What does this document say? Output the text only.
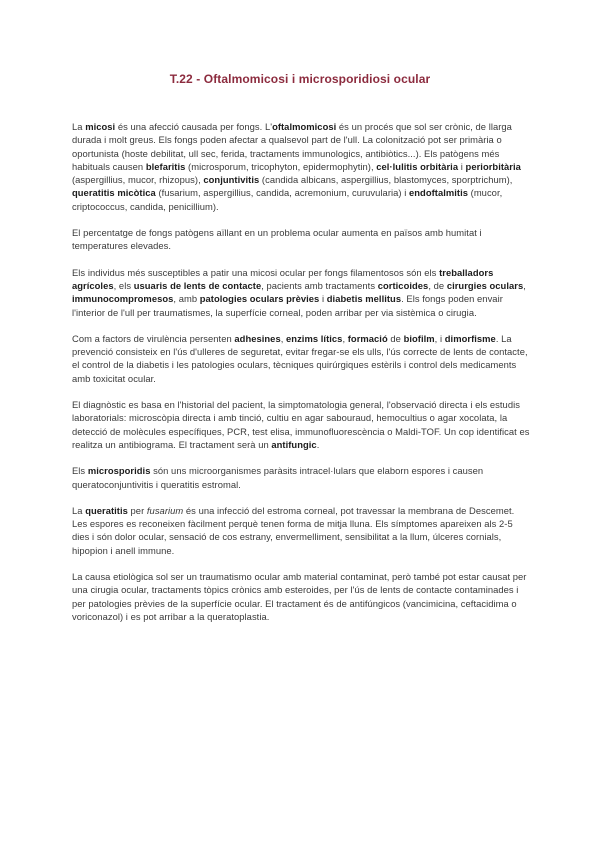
T.22 - Oftalmomicosi i microsporidiosi ocular

La micosi és una afecció causada per fongs. L'oftalmomicosi és un procés que sol ser crònic, de llarga durada i molt greus. Els fongs poden afectar a qualsevol part de l'ull. La colonització pot ser primària o oportunista (hoste debilitat, ull sec, ferida, tractaments immunologics, antibiòtics...). Els patògens més habituals causen blefaritis (microsporum, tricophyton, epidermophytin), cel·lulitis orbitària i periorbitària (aspergillius, mucor, rhizopus), conjuntivitis (candida albicans, aspergillius, blastomyces, sporptrichum), queratitis micòtica (fusarium, aspergillius, candida, acremonium, curuvularia) i endoftalmitis (mucor, criptococcus, candida, penicillium).

El percentatge de fongs patògens aïllant en un problema ocular aumenta en països amb humitat i temperatures elevades.

Els individus més susceptibles a patir una micosi ocular per fongs filamentosos són els treballadors agrícoles, els usuaris de lents de contacte, pacients amb tractaments corticoides, de cirurgies oculars, immunocompromesos, amb patologies oculars prèvies i diabetis mellitus. Els fongs poden envair l'interior de l'ull per traumatismes, la superfície corneal, poden arribar per via sistèmica o cirugia.

Com a factors de virulència persenten adhesines, enzims lítics, formació de biofilm, i dimorfisme. La prevenció consisteix en l'ús d'ulleres de seguretat, evitar fregar-se els ulls, l'ús correcte de lents de contacte, el control de la diabetis i les patologies oculars, tècniques quirúrgiques estèrils i control dels medicaments amb toxicitat ocular.

El diagnòstic es basa en l'historial del pacient, la simptomatologia general, l'observació directa i els estudis laboratorials: microscòpia directa i amb tinció, cultiu en agar sabouraud, hemocultius o agar xocolata, la detecció de molècules específiques, PCR, test elisa, immunofluorescència o Maldi-TOF. Un cop identificat es realitza un antibiograma. El tractament serà un antifungic.

Els microsporidis són uns microorganismes paràsits intracel·lulars que elaborn espores i causen queratoconjuntivitis i queratitis estromal.

La queratitis per fusarium és una infecció del estroma corneal, pot travessar la membrana de Descemet. Les espores es reconeixen fàcilment perquè tenen forma de mitja lluna. Els símptomes apareixen als 2-5 dies i són dolor ocular, sensació de cos estrany, envermelliment, sensibilitat a la llum, úlceres cornials, hipopion i anell immune.

La causa etiològica sol ser un traumatismo ocular amb material contaminat, però també pot estar causat per una cirugia ocular, tractaments tòpics crònics amb esteroides, per l'ús de lents de contacte contaminades i per patologies prèvies de la superfície ocular. El tractament és de antifúngicos (vancimicina, ceftacidima o voriconazol) i es pot arribar a la queratoplastia.
